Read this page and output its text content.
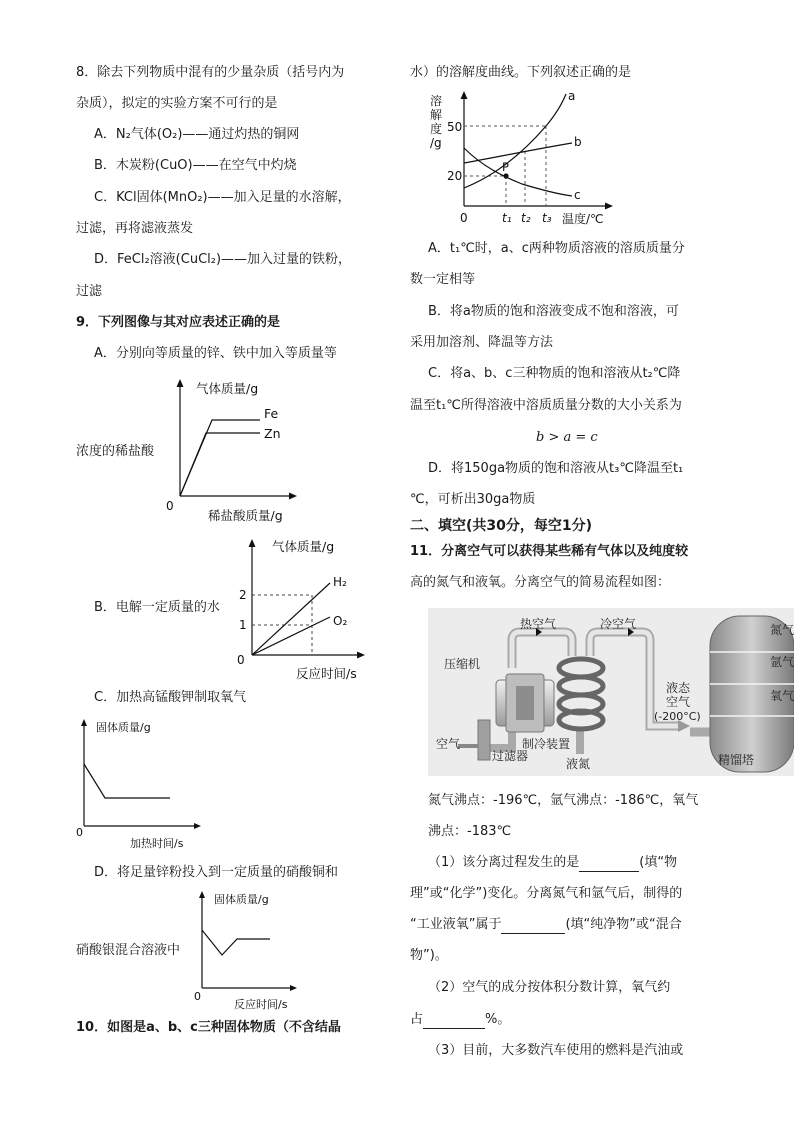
8．除去下列物质中混有的少量杂质（括号内为
杂质），拟定的实验方案不可行的是
A．N₂气体(O₂)——通过灼热的铜网
B．木炭粉(CuO)——在空气中灼烧
C．KCl固体(MnO₂)——加入足量的水溶解，
过滤，再将滤液蒸发
D．FeCl₂溶液(CuCl₂)——加入过量的铁粉，
过滤
9．下列图像与其对应表述正确的是
A．分别向等质量的锌、铁中加入等质量等
浓度的稀盐酸
B．电解一定质量的水
C．加热高锰酸钾制取氧气
D．将足量锌粉投入到一定质量的硝酸铜和
硝酸银混合溶液中
气体质量/g
Fe
Zn
0
稀盐酸质量/g
气体质量/g
2
1
H₂
O₂
0
反应时间/s
固体质量/g
0
加热时间/s
固体质量/g
0
反应时间/s
10．如图是a、b、c三种固体物质（不含结晶
水）的溶解度曲线。下列叙述正确的是
溶
解
度
/g
50
20
0	t₁ t₂ t₃ 温度/℃
a
b
c
P
A．t₁℃时，a、c两种物质溶液的溶质质量分
数一定相等
B．将a物质的饱和溶液变成不饱和溶液，可
采用加溶剂、降温等方法
C．将a、b、c三种物质的饱和溶液从t₂℃降
温至t₁℃所得溶液中溶质质量分数的大小关系为
b > a = c
D．将150ga物质的饱和溶液从t₃℃降温至t₁
℃，可析出30ga物质
二、填空(共30分，每空1分)
11．分离空气可以获得某些稀有气体以及纯度较
高的氮气和液氧。分离空气的简易流程如图：
热空气	冷空气
压缩机
空气
过滤器
制冷装置
液氮
液态
空气
(-200°C)
精馏塔
氮气
氩气
氧气
氮气沸点：-196℃，氩气沸点：-186℃，氧气
沸点：-183℃
（1）该分离过程发生的是	(填“物
理”或“化学”)变化。分离氮气和氩气后，制得的
“工业液氧”属于	(填“纯净物”或“混合
物”)。
（2）空气的成分按体积分数计算，氧气约
占	%。
（3）目前，大多数汽车使用的燃料是汽油或
